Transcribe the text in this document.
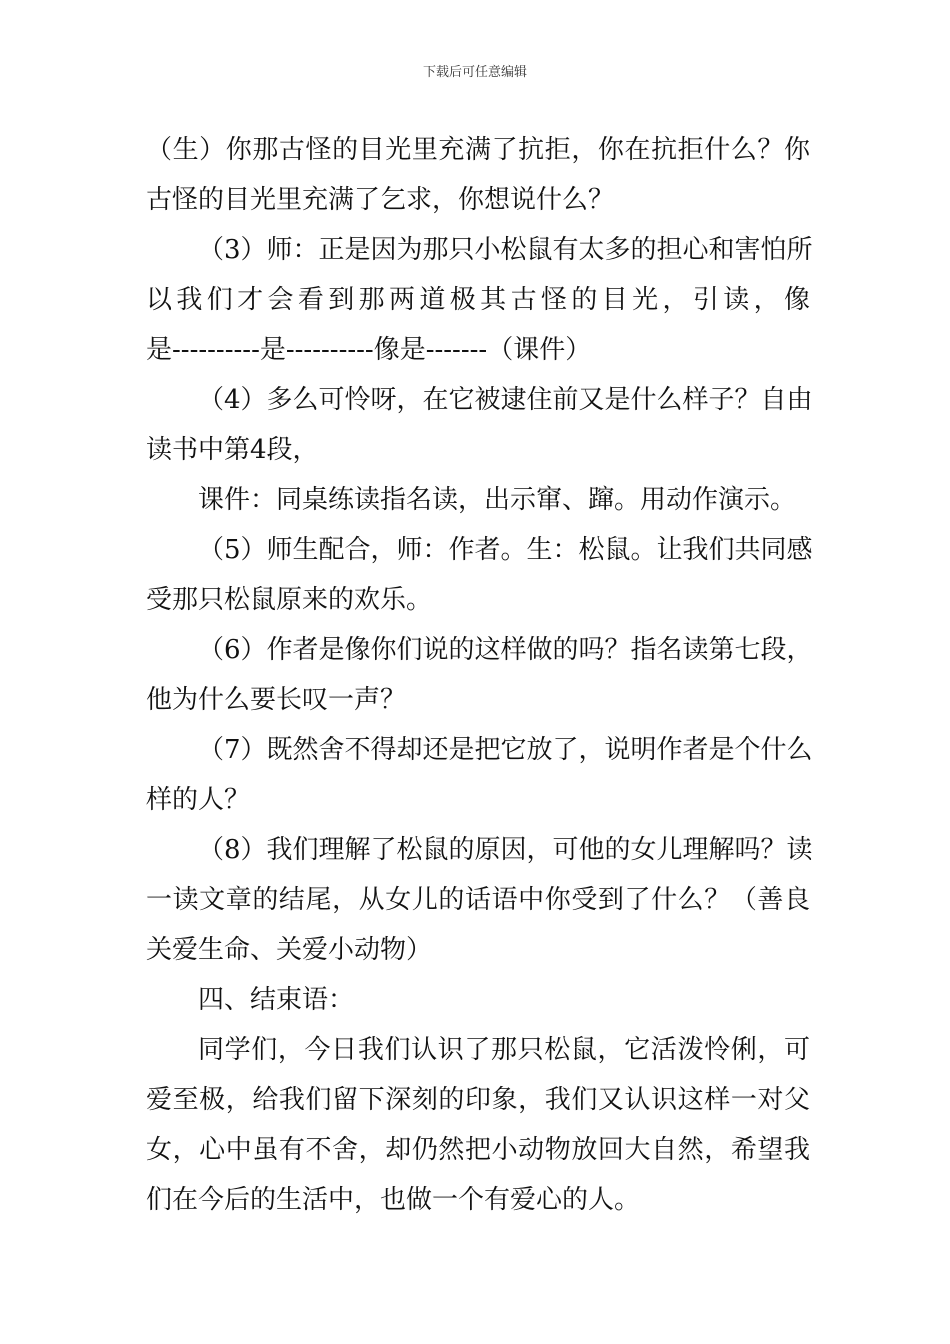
下载后可任意编辑
（生）你那古怪的目光里充满了抗拒，你在抗拒什么？你
古怪的目光里充满了乞求，你想说什么？
（3）师：正是因为那只小松鼠有太多的担心和害怕所
以我们才会看到那两道极其古怪的目光，引读，像
是----------是----------像是-------（课件）
（4）多么可怜呀，在它被逮住前又是什么样子？自由
读书中第4段，
课件：同桌练读指名读，出示窜、蹿。用动作演示。
（5）师生配合，师：作者。生：松鼠。让我们共同感
受那只松鼠原来的欢乐。
（6）作者是像你们说的这样做的吗？指名读第七段，
他为什么要长叹一声？
（7）既然舍不得却还是把它放了，说明作者是个什么
样的人？
（8）我们理解了松鼠的原因，可他的女儿理解吗？读
一读文章的结尾，从女儿的话语中你受到了什么？（善良
关爱生命、关爱小动物）
四、结束语：
同学们，今日我们认识了那只松鼠，它活泼怜俐，可
爱至极，给我们留下深刻的印象，我们又认识这样一对父
女，心中虽有不舍，却仍然把小动物放回大自然，希望我
们在今后的生活中，也做一个有爱心的人。
